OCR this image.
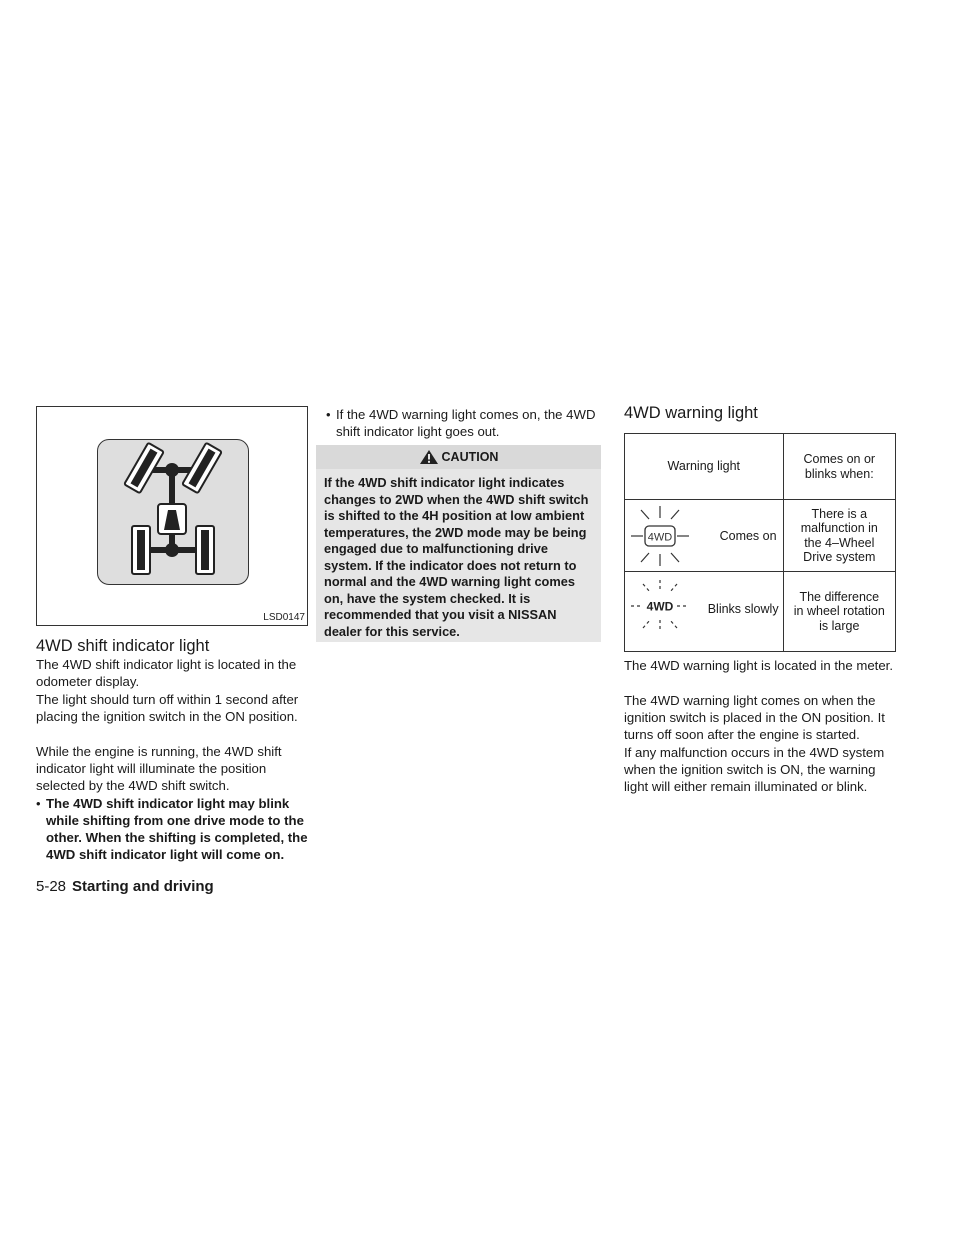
LSD0147
4WD shift indicator light

The 4WD shift indicator light is located in the odometer display.

The light should turn off within 1 second after placing the ignition switch in the ON position.

While the engine is running, the 4WD shift indicator light will illuminate the position selected by the 4WD shift switch.

• The 4WD shift indicator light may blink while shifting from one drive mode to the other. When the shifting is completed, the 4WD shift indicator light will come on.

• If the 4WD warning light comes on, the 4WD shift indicator light goes out.

CAUTION
If the 4WD shift indicator light indicates changes to 2WD when the 4WD shift switch is shifted to the 4H position at low ambient temperatures, the 2WD mode may be being engaged due to malfunctioning drive system. If the indicator does not return to normal and the 4WD warning light comes on, have the system checked. It is recommended that you visit a NISSAN dealer for this service.
4WD warning light
Warning light	Comes on or blinks when:

4WD Comes on	There is a malfunction in the 4–Wheel Drive system

4WD Blinks slowly	The difference in wheel rotation is large

The 4WD warning light is located in the meter.

The 4WD warning light comes on when the ignition switch is placed in the ON position. It turns off soon after the engine is started.

If any malfunction occurs in the 4WD system when the ignition switch is ON, the warning light will either remain illuminated or blink.

5-28 Starting and driving
